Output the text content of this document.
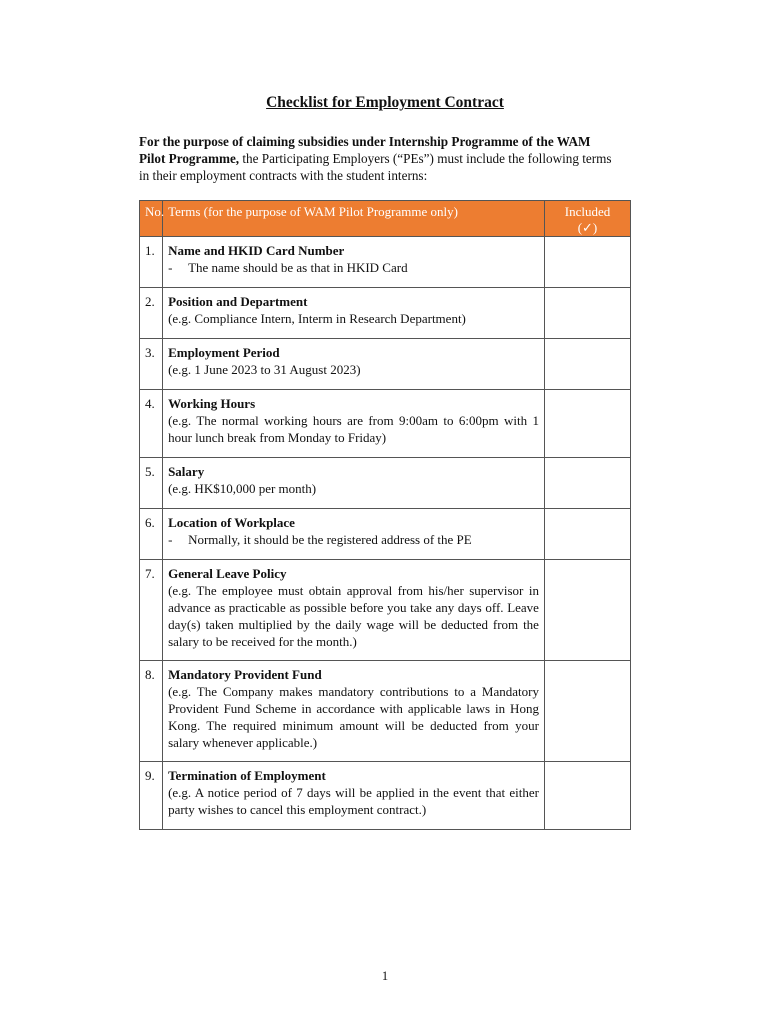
Checklist for Employment Contract

For the purpose of claiming subsidies under Internship Programme of the WAM Pilot Programme, the Participating Employers (“PEs”) must include the following terms in their employment contracts with the student interns:

No.	Terms (for the purpose of WAM Pilot Programme only)	Included
(✓)

1.	Name and HKID Card Number
- The name should be as that in HKID Card	

2.	Position and Department
(e.g. Compliance Intern, Interm in Research Department)	

3.	Employment Period
(e.g. 1 June 2023 to 31 August 2023)	

4.	Working Hours
(e.g. The normal working hours are from 9:00am to 6:00pm with 1 hour lunch break from Monday to Friday)	

5.	Salary
(e.g. HK$10,000 per month)	

6.	Location of Workplace
- Normally, it should be the registered address of the PE	

7.	General Leave Policy
(e.g. The employee must obtain approval from his/her supervisor in advance as practicable as possible before you take any days off. Leave day(s) taken multiplied by the daily wage will be deducted from the salary to be received for the month.)	

8.	Mandatory Provident Fund
(e.g. The Company makes mandatory contributions to a Mandatory Provident Fund Scheme in accordance with applicable laws in Hong Kong. The required minimum amount will be deducted from your salary whenever applicable.)	

9.	Termination of Employment
(e.g. A notice period of 7 days will be applied in the event that either party wishes to cancel this employment contract.)	

1
